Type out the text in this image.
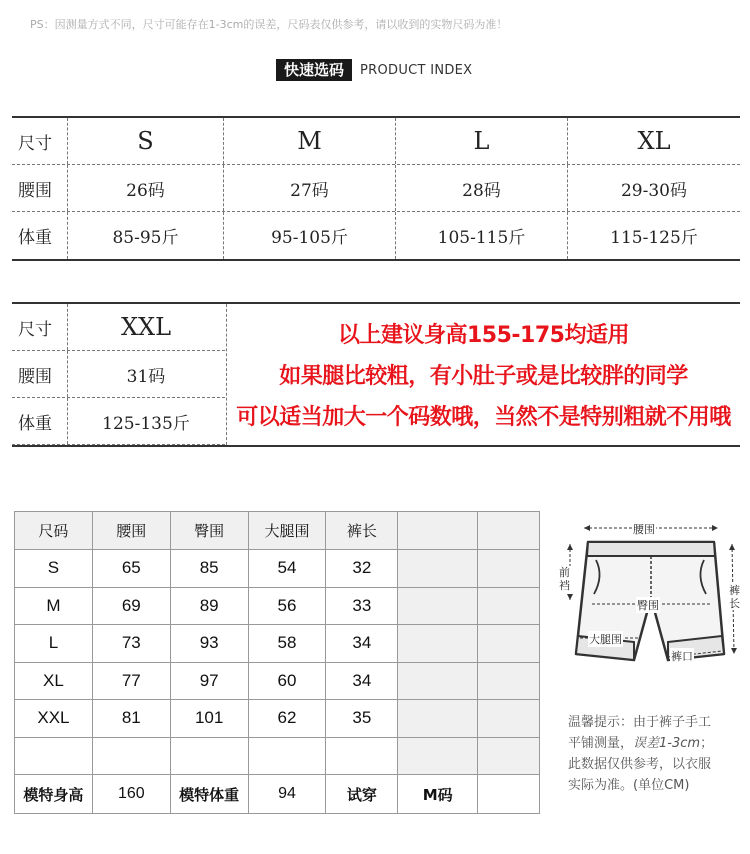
PS：因测量方式不同，尺寸可能存在1-3cm的误差，尺码表仅供参考，请以收到的实物尺码为准！
快速选码	PRODUCT INDEX
尺寸	S	M	L	XL
腰围	26码	27码	28码	29-30码
体重	85-95斤	95-105斤	105-115斤	115-125斤
尺寸	XXL
腰围	31码
体重	125-135斤
以上建议身高155-175均适用
如果腿比较粗，有小肚子或是比较胖的同学
可以适当加大一个码数哦，当然不是特别粗就不用哦
尺码	腰围	臀围	大腿围	裤长		
S	65	85	54	32		
M	69	89	56	33		
L	73	93	58	34		
XL	77	97	60	34		
XXL	81	101	62	35		

模特身高	160	模特体重	94	试穿	M码	
腰围
前
裆	裤
长
臀围
大腿围
裤口
温馨提示：由于裤子手工
平铺测量，误差1-3cm；
此数据仅供参考，以衣服
实际为准。(单位CM)
